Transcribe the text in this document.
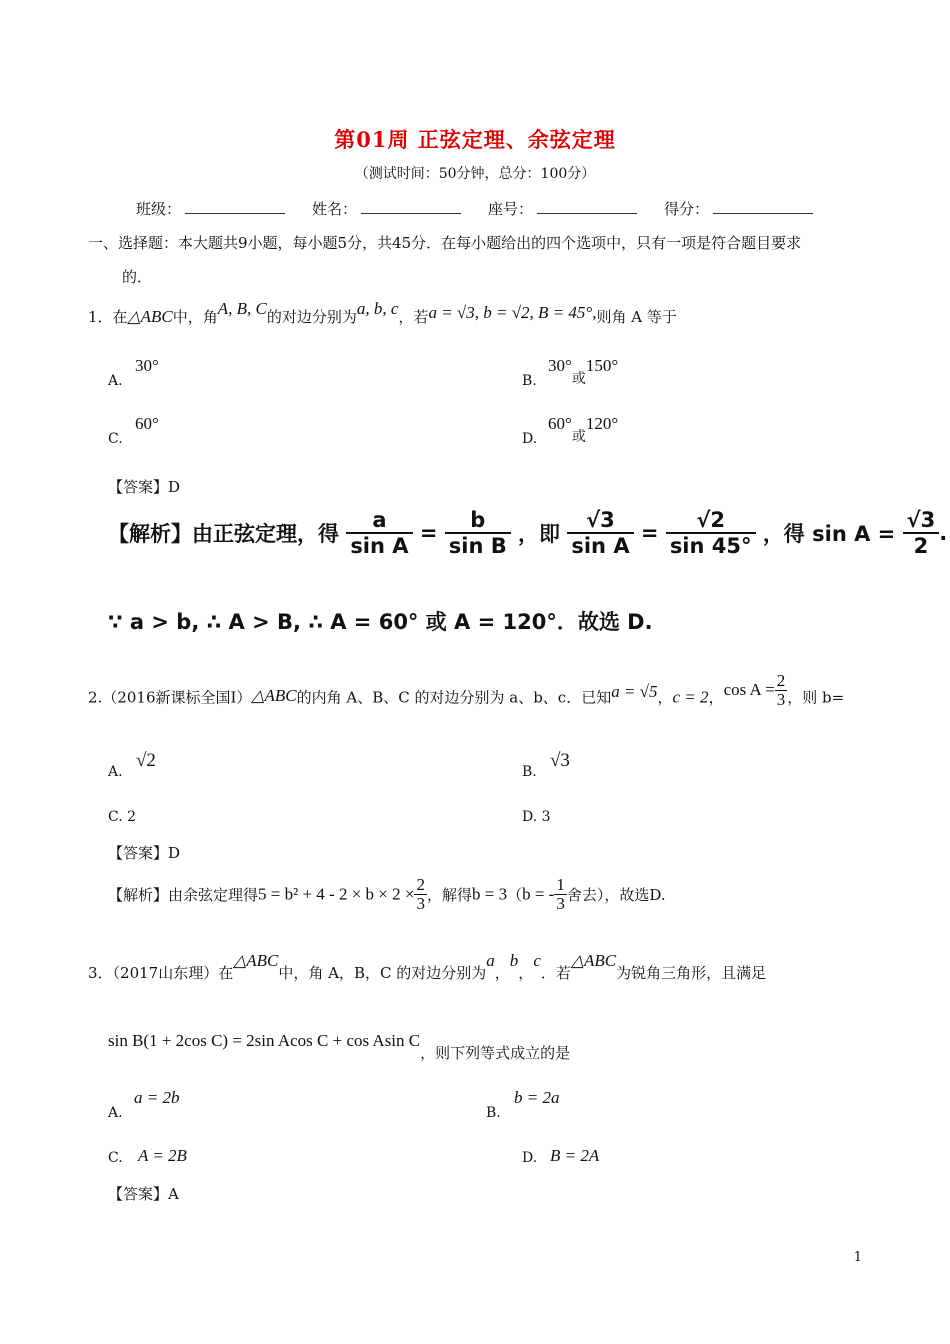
第01周 正弦定理、余弦定理
（测试时间：50分钟，总分：100分）
班级：	姓名：	座号：	得分：
一、选择题：本大题共9小题，每小题5分，共45分．在每小题给出的四个选项中，只有一项是符合题目要求
的．
1．在△ABC中，角A, B, C的对边分别为a, b, c，若a = √3, b = √2, B = 45°,则角 A 等于
A.
30°
B.
30°或150°
C.
60°
D.
60°或120°
【答案】D
【解析】由正弦定理，得 $\frac{a}{\text{sin A}} = \frac{b}{\text{sin B}}$ ，即 $\frac{√3}{\text{sin A}} = \frac{√2}{\sin 45^\circ}$ ，得 $\sin A = \frac{√3}{2}$ .
∵ a > b, ∴ A > B, ∴ A = 60° 或 A = 120°．故选 D.
2.（2016新课标全国Ⅰ）△ABC的内角 A、B、C 的对边分别为 a、b、c．已知a = √5，c = 2，$\cos A = \frac{2}{3}$ ，则 b=
A.
√2
B.
√3
C. 2	D. 3
【答案】D
【解析】由余弦定理得$5 = b^2 + 4 - 2 \times b \times 2 \times \frac{2}{3}$ ，解得b = 3（b = - $\frac{1}{3}$ 舍去），故选D.
3．（2017山东理）在△ABC中，角 A，B，C 的对边分别为a，b，c．若△ABC为锐角三角形，且满足
sin B(1 + 2cos C) = 2sin Acos C + cos Asin C，则下列等式成立的是
A.
a = 2b
B.
b = 2a
C. A = 2B	D. B = 2A
【答案】A
1
